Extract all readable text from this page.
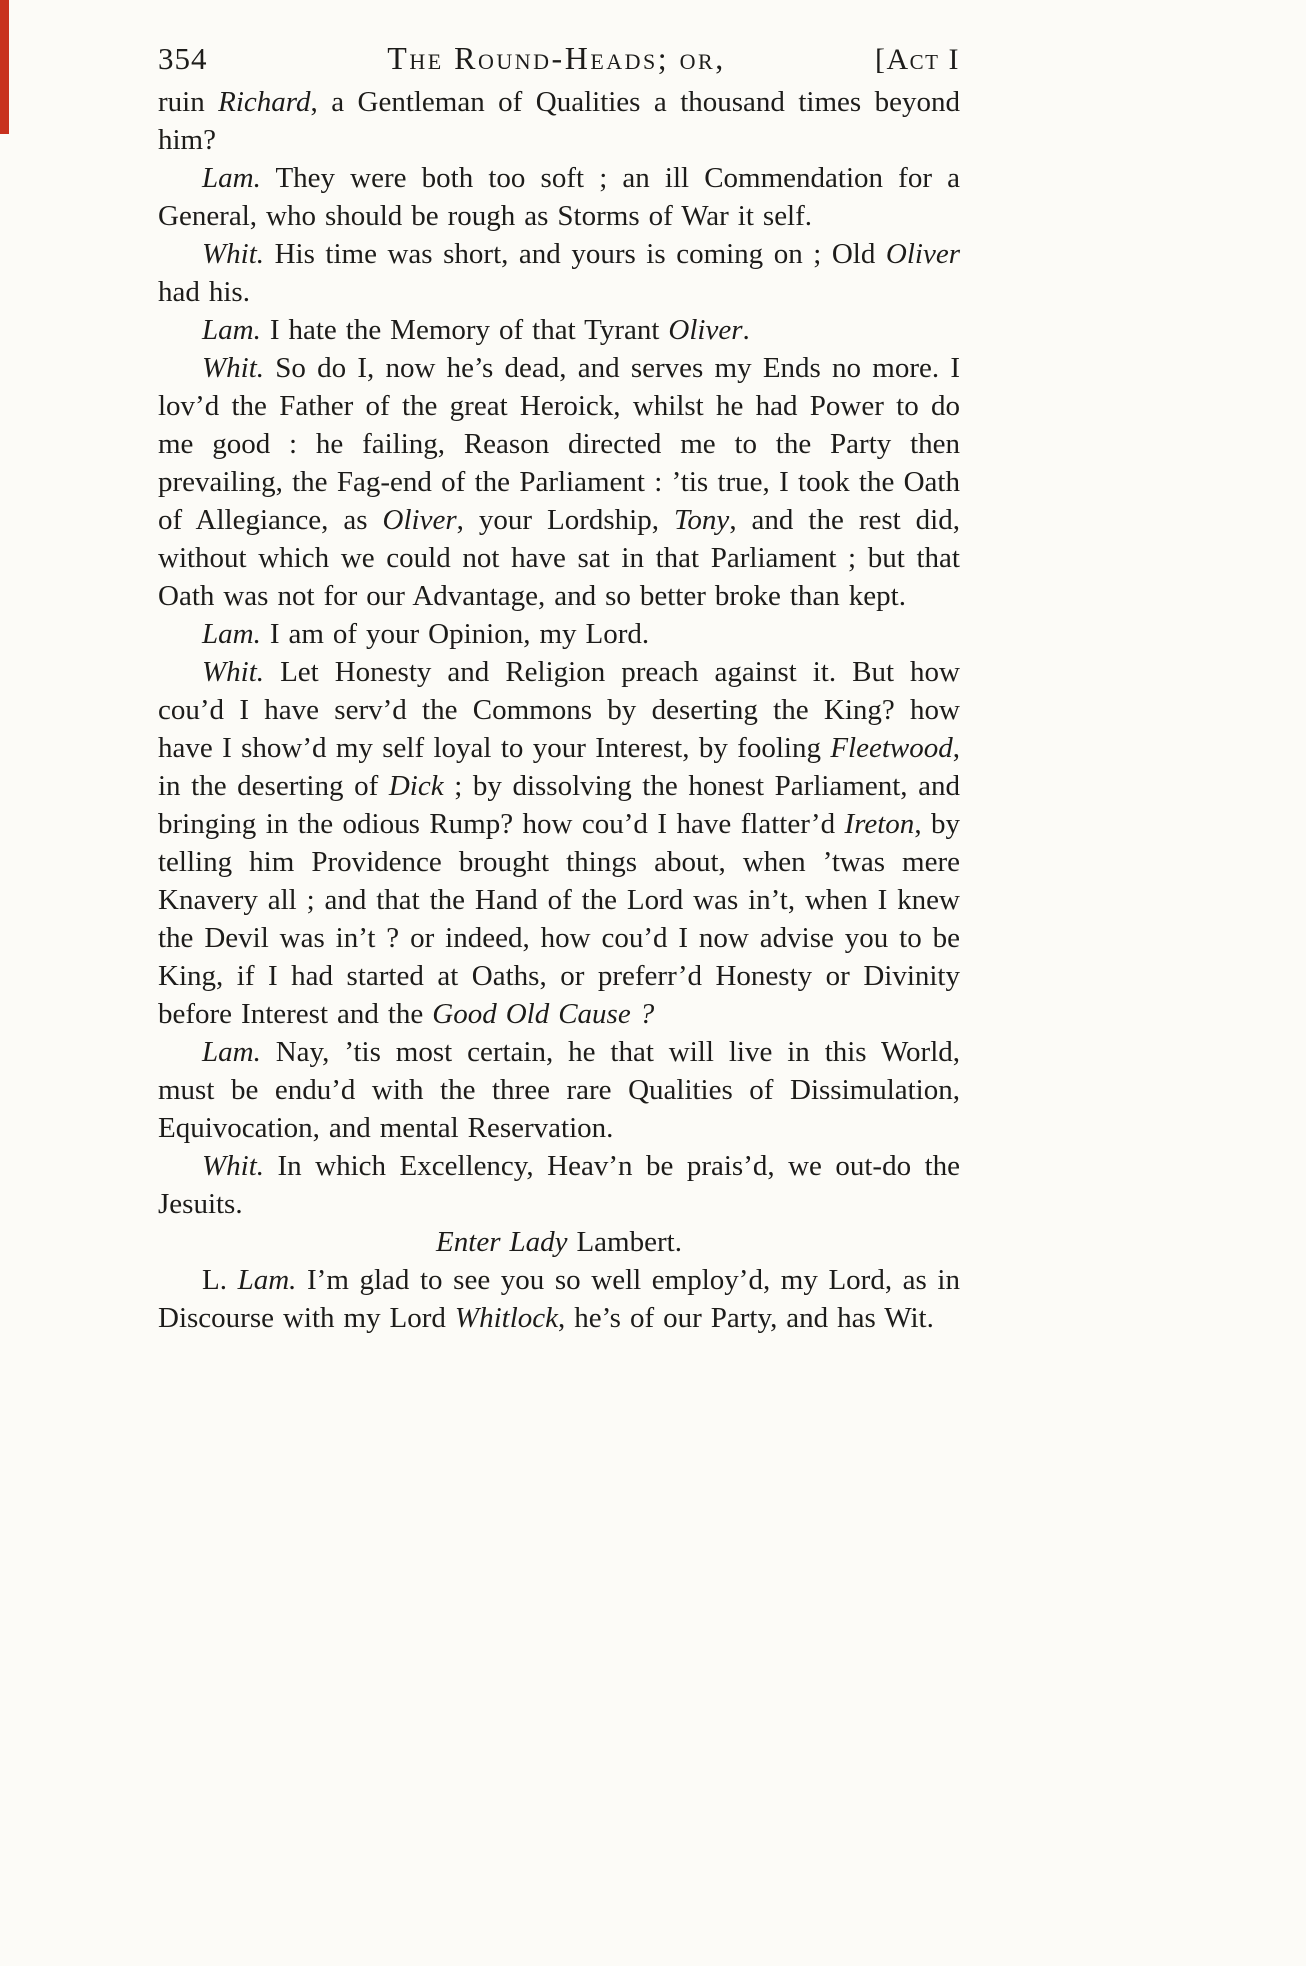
354	The Round-Heads; or,	[Act I

ruin Richard, a Gentleman of Qualities a thousand times beyond him?

Lam. They were both too soft ; an ill Commendation for a General, who should be rough as Storms of War it self.

Whit. His time was short, and yours is coming on ; Old Oliver had his.

Lam. I hate the Memory of that Tyrant Oliver.

Whit. So do I, now he’s dead, and serves my Ends no more. I lov’d the Father of the great Heroick, whilst he had Power to do me good : he failing, Reason directed me to the Party then prevailing, the Fag-end of the Parliament : ’tis true, I took the Oath of Allegiance, as Oliver, your Lordship, Tony, and the rest did, without which we could not have sat in that Parliament ; but that Oath was not for our Advantage, and so better broke than kept.

Lam. I am of your Opinion, my Lord.

Whit. Let Honesty and Religion preach against it. But how cou’d I have serv’d the Commons by deserting the King? how have I show’d my self loyal to your Interest, by fooling Fleetwood, in the deserting of Dick ; by dissolving the honest Parliament, and bringing in the odious Rump? how cou’d I have flatter’d Ireton, by telling him Providence brought things about, when ’twas mere Knavery all ; and that the Hand of the Lord was in’t, when I knew the Devil was in’t ? or indeed, how cou’d I now advise you to be King, if I had started at Oaths, or preferr’d Honesty or Divinity before Interest and the Good Old Cause ?

Lam. Nay, ’tis most certain, he that will live in this World, must be endu’d with the three rare Qualities of Dissimulation, Equivocation, and mental Reservation.

Whit. In which Excellency, Heav’n be prais’d, we out-do the Jesuits.

Enter Lady Lambert.

L. Lam. I’m glad to see you so well employ’d, my Lord, as in Discourse with my Lord Whitlock, he’s of our Party, and has Wit.
